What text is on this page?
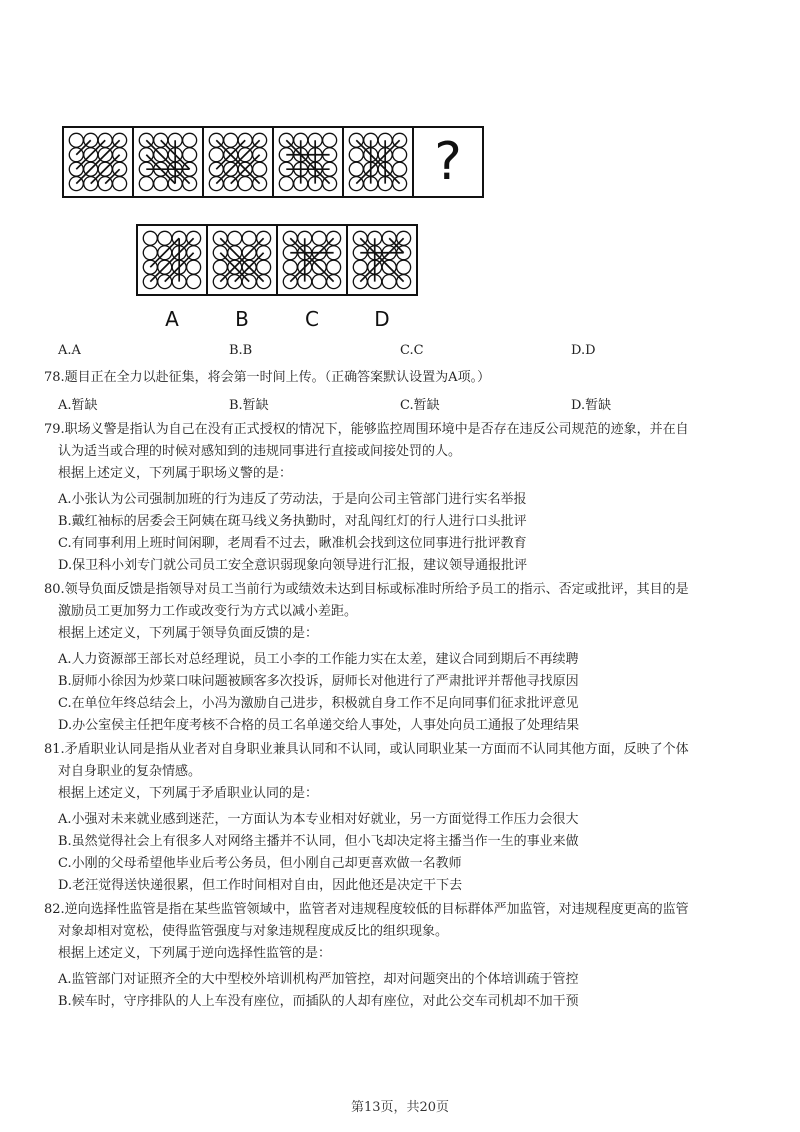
?
A	B	C	D
A.A	B.B	C.C	D.D
78.题目正在全力以赴征集，将会第一时间上传。（正确答案默认设置为A项。）
A.暂缺	B.暂缺	C.暂缺	D.暂缺
79.职场义警是指认为自己在没有正式授权的情况下，能够监控周围环境中是否存在违反公司规范的迹象，并在自
认为适当或合理的时候对感知到的违规同事进行直接或间接处罚的人。
根据上述定义，下列属于职场义警的是：
A.小张认为公司强制加班的行为违反了劳动法，于是向公司主管部门进行实名举报
B.戴红袖标的居委会王阿姨在斑马线义务执勤时，对乱闯红灯的行人进行口头批评
C.有同事利用上班时间闲聊，老周看不过去，瞅准机会找到这位同事进行批评教育
D.保卫科小刘专门就公司员工安全意识弱现象向领导进行汇报，建议领导通报批评
80.领导负面反馈是指领导对员工当前行为或绩效未达到目标或标准时所给予员工的指示、否定或批评，其目的是
激励员工更加努力工作或改变行为方式以减小差距。
根据上述定义，下列属于领导负面反馈的是：
A.人力资源部王部长对总经理说，员工小李的工作能力实在太差，建议合同到期后不再续聘
B.厨师小徐因为炒菜口味问题被顾客多次投诉，厨师长对他进行了严肃批评并帮他寻找原因
C.在单位年终总结会上，小冯为激励自己进步，积极就自身工作不足向同事们征求批评意见
D.办公室侯主任把年度考核不合格的员工名单递交给人事处，人事处向员工通报了处理结果
81.矛盾职业认同是指从业者对自身职业兼具认同和不认同，或认同职业某一方面而不认同其他方面，反映了个体
对自身职业的复杂情感。
根据上述定义，下列属于矛盾职业认同的是：
A.小强对未来就业感到迷茫，一方面认为本专业相对好就业，另一方面觉得工作压力会很大
B.虽然觉得社会上有很多人对网络主播并不认同，但小飞却决定将主播当作一生的事业来做
C.小刚的父母希望他毕业后考公务员，但小刚自己却更喜欢做一名教师
D.老汪觉得送快递很累，但工作时间相对自由，因此他还是决定干下去
82.逆向选择性监管是指在某些监管领域中，监管者对违规程度较低的目标群体严加监管，对违规程度更高的监管
对象却相对宽松，使得监管强度与对象违规程度成反比的组织现象。
根据上述定义，下列属于逆向选择性监管的是：
A.监管部门对证照齐全的大中型校外培训机构严加管控，却对问题突出的个体培训疏于管控
B.候车时，守序排队的人上车没有座位，而插队的人却有座位，对此公交车司机却不加干预
第13页，共20页
